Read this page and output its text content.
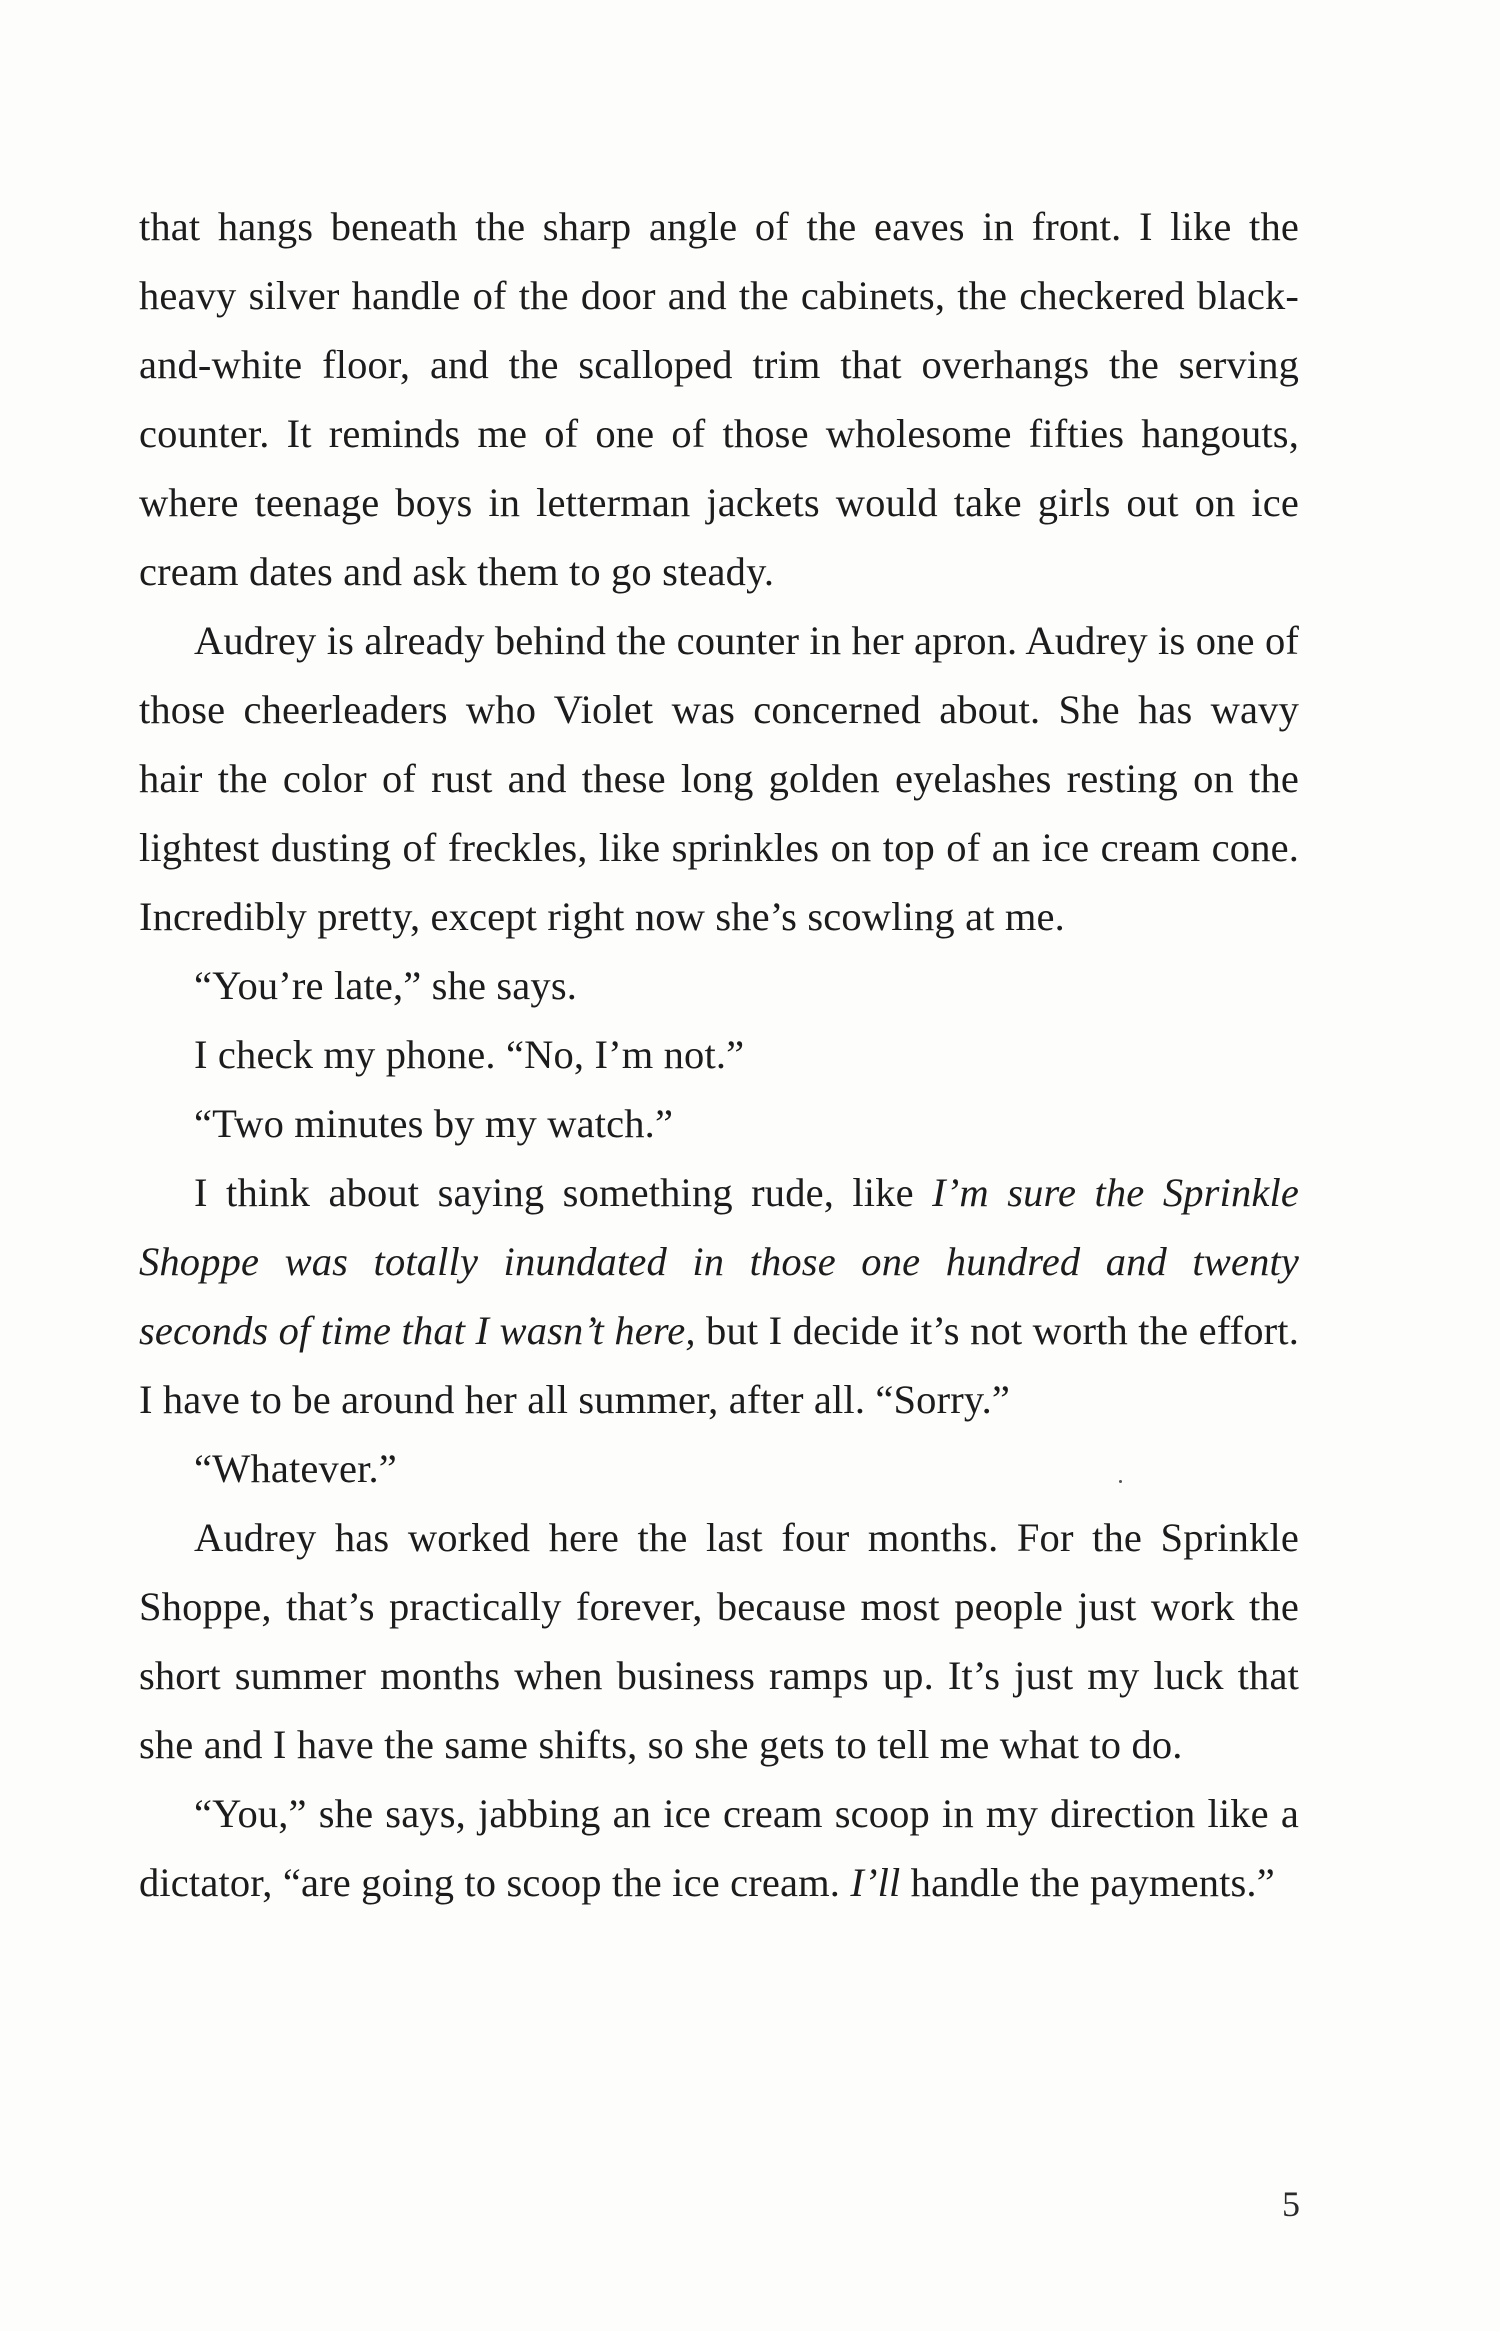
that hangs beneath the sharp angle of the eaves in front. I like the heavy silver handle of the door and the cabinets, the checkered black-and-white floor, and the scalloped trim that overhangs the serving counter. It reminds me of one of those wholesome fifties hangouts, where teenage boys in letterman jackets would take girls out on ice cream dates and ask them to go steady.

Audrey is already behind the counter in her apron. Audrey is one of those cheerleaders who Violet was concerned about. She has wavy hair the color of rust and these long golden eyelashes resting on the lightest dusting of freckles, like sprinkles on top of an ice cream cone. Incredibly pretty, except right now she’s scowling at me.

“You’re late,” she says.

I check my phone. “No, I’m not.”

“Two minutes by my watch.”

I think about saying something rude, like I’m sure the Sprinkle Shoppe was totally inundated in those one hundred and twenty seconds of time that I wasn’t here, but I decide it’s not worth the effort. I have to be around her all summer, after all. “Sorry.”

“Whatever.”

Audrey has worked here the last four months. For the Sprinkle Shoppe, that’s practically forever, because most people just work the short summer months when business ramps up. It’s just my luck that she and I have the same shifts, so she gets to tell me what to do.

“You,” she says, jabbing an ice cream scoop in my direction like a dictator, “are going to scoop the ice cream. I’ll handle the payments.”

5
